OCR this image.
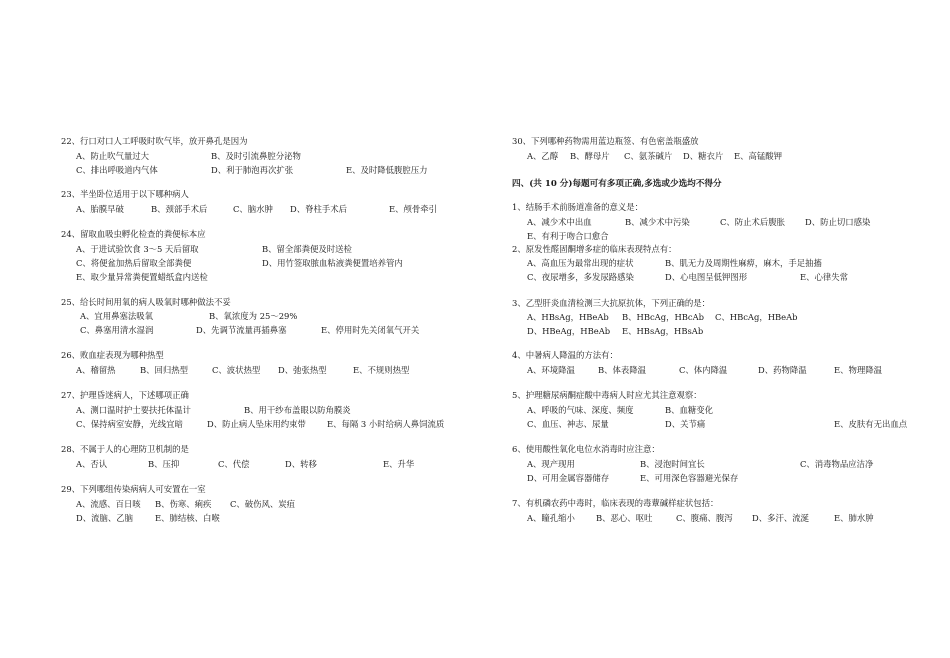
22、行口对口人工呼吸时吹气毕，放开鼻孔是因为
A、防止吹气量过大	B、及时引流鼻腔分泌物
C、排出呼吸道内气体	D、利于肺泡再次扩张	E、及时降低腹腔压力
23、半坐卧位适用于以下哪种病人
A、胎膜早破	B、颈部手术后	C、脑水肿 D、脊柱手术后	E、颅骨牵引
24、留取血吸虫孵化检查的粪便标本应
A、于进试验饮食 3～5 天后留取	B、留全部粪便及时送检
C、将便盆加热后留取全部粪便	D、用竹签取脓血粘液粪便置培养管内
E、取少量异常粪便置蜡纸盒内送检
25、给长时间用氧的病人吸氧时哪种做法不妥
A、宜用鼻塞法吸氧	B、氧浓度为 25～29%
C、鼻塞用清水湿润	D、先调节流量再插鼻塞	E、停用时先关闭氧气开关
26、败血症表现为哪种热型
A、稽留热	B、回归热型	C、波状热型 D、弛张热型	E、不规则热型
27、护理昏迷病人，下述哪项正确
A、测口温时护士要扶托体温计	B、用干纱布盖眼以防角膜炎
C、保持病室安静，光线宜暗	D、防止病人坠床用约束带	E、每隔 3 小时给病人鼻饲流质
28、不属于人的心理防卫机制的是
A、否认	B、压抑	C、代偿	D、转移	E、升华
29、下列哪组传染病病人可安置在一室
A、流感、百日咳 B、伤寒、痢疾 C、破伤风、炭疽
D、流脑、乙脑	E、肺结核、白喉
30、下列哪种药物需用蓝边瓶签、有色密盖瓶盛放
A、乙醇 B、酵母片 C、氨茶碱片 D、糖衣片 E、高锰酸钾
四、(共 10 分)每题可有多项正确,多选或少选均不得分
1、结肠手术前肠道准备的意义是：
A、减少术中出血	B、减少术中污染	C、防止术后腹胀 D、防止切口感染
E、有利于吻合口愈合
2、原发性醛固酮增多症的临床表现特点有：
A、高血压为最常出现的症状	B、肌无力及周期性麻痹，麻木，手足抽搐
C、夜尿增多，多发尿路感染	D、心电图呈低钾图形	E、心律失常
3、乙型肝炎血清检测三大抗原抗体，下列正确的是：
A、HBsAg，HBeAb B、HBcAg，HBcAb C、HBcAg，HBeAb
D、HBeAg，HBeAb E、HBsAg，HBsAb
4、中暑病人降温的方法有：
A、环境降温	B、体表降温	C、体内降温	D、药物降温	E、物理降温
5、护理糖尿病酮症酸中毒病人时应尤其注意观察：
A、呼吸的气味、深度、频度	B、血糖变化
C、血压、神志、尿量	D、关节痛	E、皮肤有无出血点
6、使用酸性氧化电位水消毒时应注意：
A、现产现用	B、浸泡时间宜长	C、消毒物品应洁净
D、可用金属容器储存	E、可用深色容器避光保存
7、有机磷农药中毒时，临床表现的毒蕈碱样症状包括：
A、瞳孔缩小	B、恶心、呕吐	C、腹痛、腹泻 D、多汗、流涎	E、肺水肿
